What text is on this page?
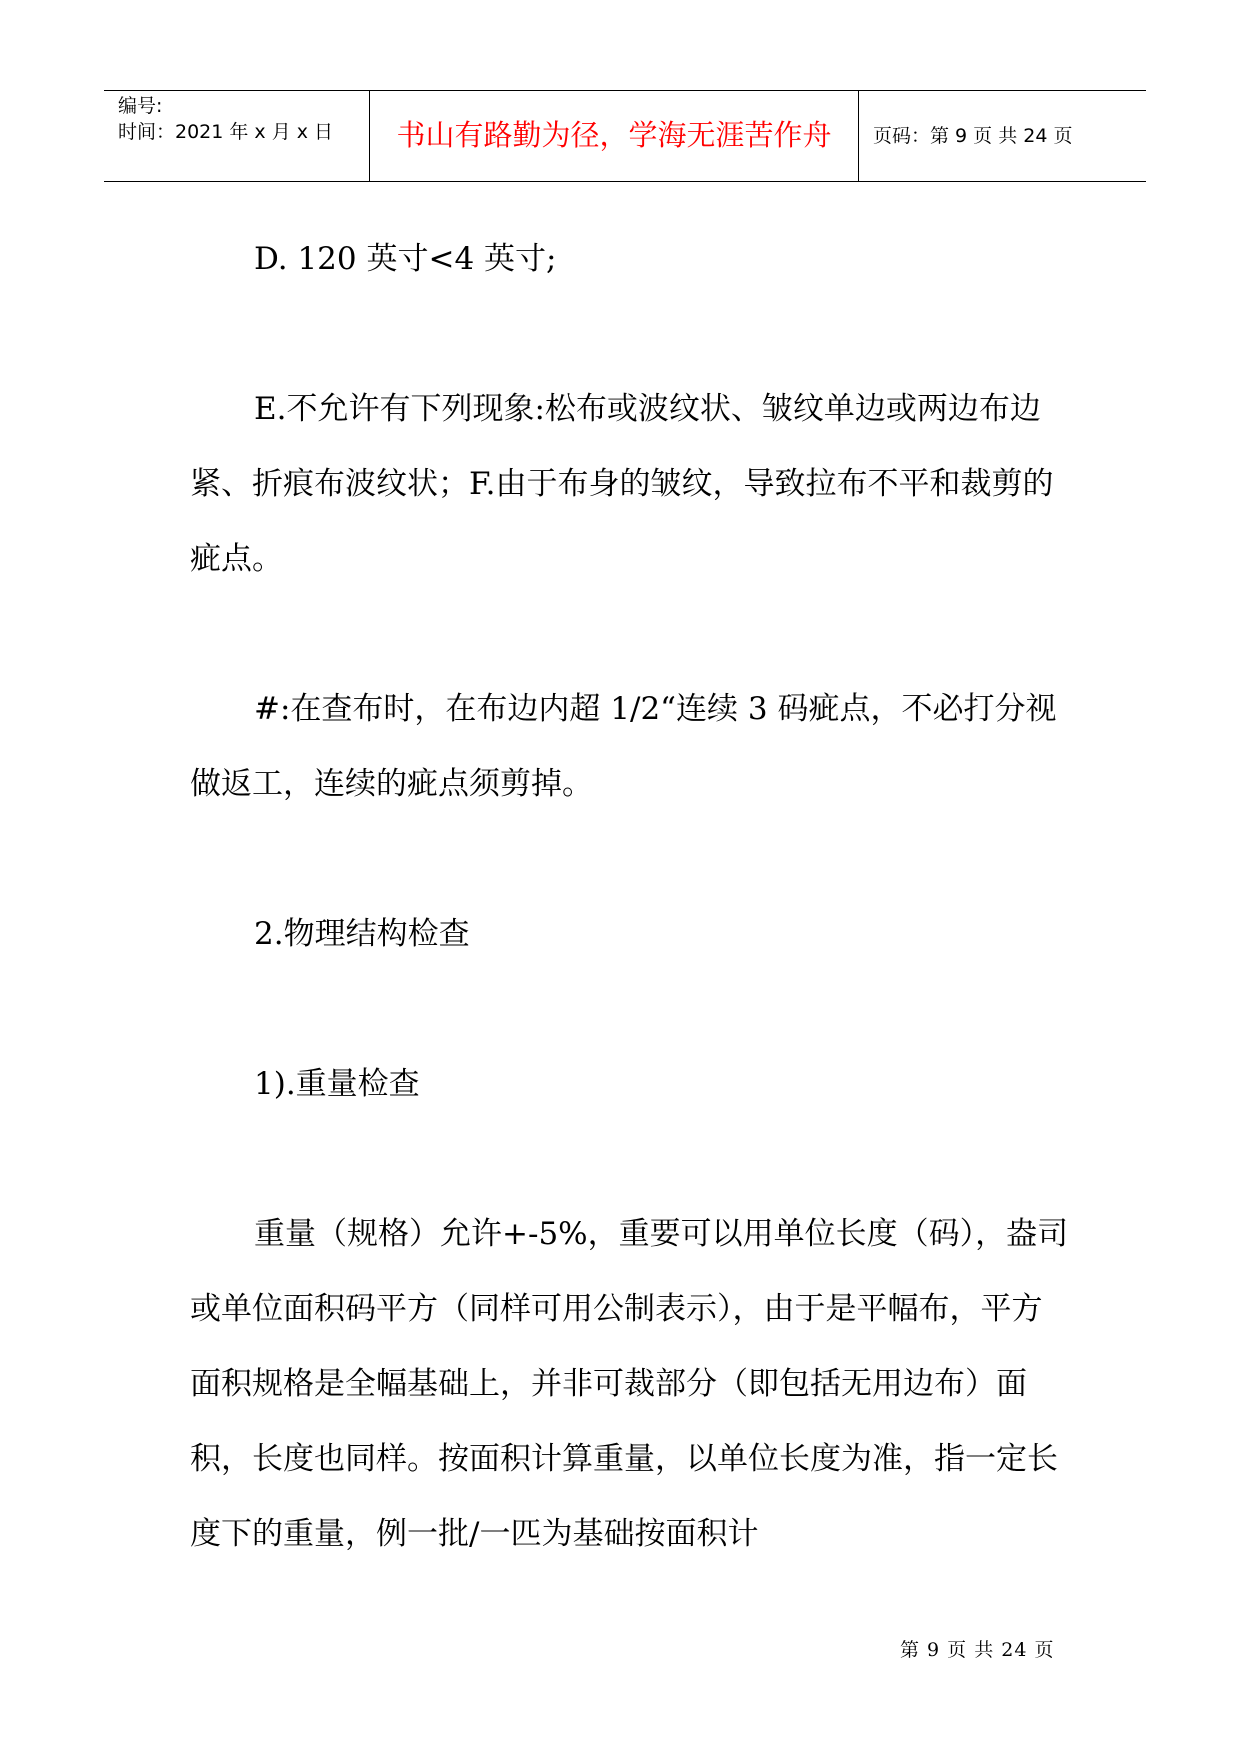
编号:
时间：2021 年 x 月 x 日	书山有路勤为径，学海无涯苦作舟	页码：第 9 页 共 24 页

D. 120 英寸<4 英寸;

E.不允许有下列现象:松布或波纹状、皱纹单边或两边布边紧、折痕布波纹状；F.由于布身的皱纹，导致拉布不平和裁剪的疵点。

#:在查布时，在布边内超 1/2“连续 3 码疵点，不必打分视做返工，连续的疵点须剪掉。

2.物理结构检查

1).重量检查

重量（规格）允许+-5%，重要可以用单位长度（码），盎司或单位面积码平方（同样可用公制表示），由于是平幅布，平方面积规格是全幅基础上，并非可裁部分（即包括无用边布）面积，长度也同样。按面积计算重量，以单位长度为准，指一定长度下的重量，例一批/一匹为基础按面积计

第 9 页 共 24 页
